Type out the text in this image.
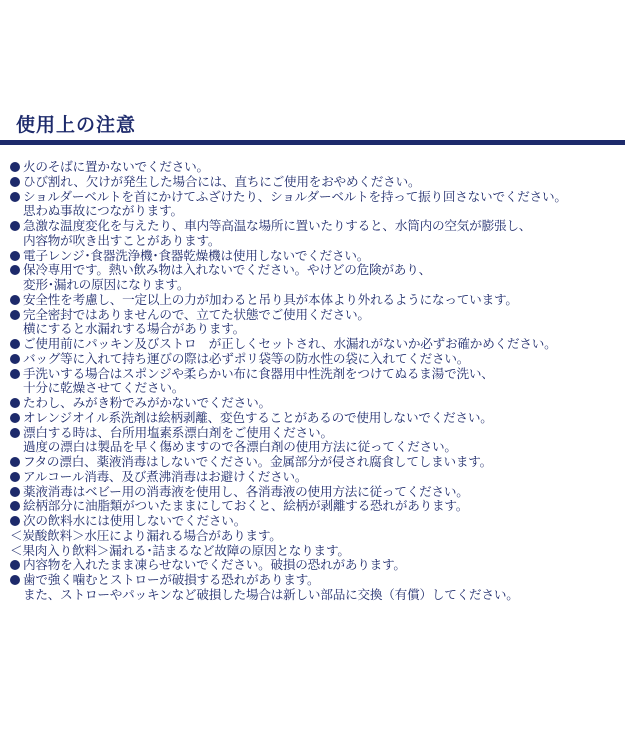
使用上の注意
火のそばに置かないでください。
ひび割れ、欠けが発生した場合には、直ちにご使用をおやめください。
ショルダーベルトを首にかけてふざけたり、ショルダーベルトを持って振り回さないでください。
思わぬ事故につながります。
急激な温度変化を与えたり、車内等高温な場所に置いたりすると、水筒内の空気が膨張し、
内容物が吹き出すことがあります。
電子レンジ･食器洗浄機･食器乾燥機は使用しないでください。
保冷専用です。熱い飲み物は入れないでください。やけどの危険があり、
変形･漏れの原因になります。
安全性を考慮し、一定以上の力が加わると吊り具が本体より外れるようになっています。
完全密封ではありませんので、立てた状態でご使用ください。
横にすると水漏れする場合があります。
ご使用前にパッキン及びストロ　が正しくセットされ、水漏れがないか必ずお確かめください。
バッグ等に入れて持ち運びの際は必ずポリ袋等の防水性の袋に入れてください。
手洗いする場合はスポンジや柔らかい布に食器用中性洗剤をつけてぬるま湯で洗い、
十分に乾燥させてください。
たわし、みがき粉でみがかないでください。
オレンジオイル系洗剤は絵柄剥離、変色することがあるので使用しないでください。
漂白する時は、台所用塩素系漂白剤をご使用ください。
過度の漂白は製品を早く傷めますので各漂白剤の使用方法に従ってください。
フタの漂白、薬液消毒はしないでください。金属部分が侵され腐食してしまいます。
アルコール消毒、及び煮沸消毒はお避けください。
薬液消毒はベビー用の消毒液を使用し、各消毒液の使用方法に従ってください。
絵柄部分に油脂類がついたままにしておくと、絵柄が剥離する恐れがあります。
次の飲料水には使用しないでください。
＜炭酸飲料＞水圧により漏れる場合があります。
＜果肉入り飲料＞漏れる･詰まるなど故障の原因となります。
内容物を入れたまま凍らせないでください。破損の恐れがあります。
歯で強く噛むとストローが破損する恐れがあります。
また、ストローやパッキンなど破損した場合は新しい部品に交換（有償）してください。
